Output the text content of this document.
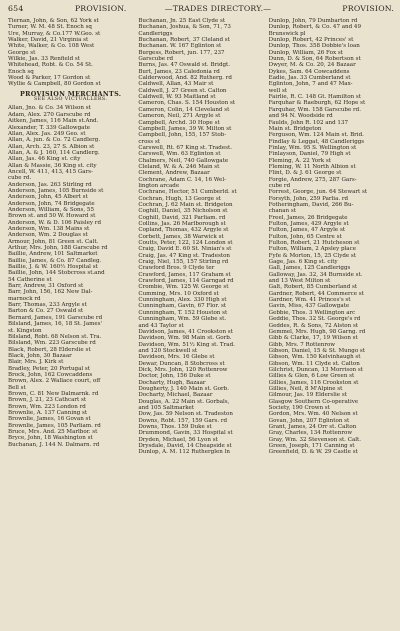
654	PROVISION.	—TRADES DIRECTORY.—	PROVISION.
Tiernan, John, & Son, 62 York st
Turner, W. M. 48 St. Enoch sq
Ure, Murray, & Co.177 W.Geo. st
Walker, David, 21 Virginia st
White, Walker, & Co. 108 West
George st
Wilkie, Jas. 33 Renfield st
Whitehead, Robt. & Co. 54 St.
Enoch sq
Wood & Parker, 17 Gordon st
Wyllie & Campbell, 80 Gordon st
PROVISION MERCHANTS.
SEE ALSO VICTUALLERS.
Allan, Jno. & Co. 34 Wilson st
Adam, Alex. 270 Garscube rd
Aitken, James, 116 Main st.And.
Alexander, T. 339 Gallowgate
Allan, Alex. Jas. 249 Geo. st
Allan, A. jun. & Co. 72 Candlerg.
Allan, Arch. 23, 27 S. Albion st
Allan, A. & J. 160, 114 Candlerg.
Allan, Jas. 46 King st. city
Allan & Massie, 36 King st. city
Ancell, W. 411, 413, 415 Gars-
cube rd.
Anderson, Jas. 263 Stirling rd
Anderson, James, 105 Burnside st
Anderson, John, 45 Albert st
Anderson, John, 74 Bridgegate
Anderson, William, & Sons, 55
Brown st. and 50 W. Howard st
Anderson, W. & D. 106 Paisley rd
Anderson, Wm. 138 Mains st
Anderson, Wm. 2 Douglas st
Armour, John, 81 Green st. Calt.
Arthur, Mrs. John, 188 Garscube rd
Baillie, Andrew, 101 Saltmarket
Baillie, James, & Co. 87 Candleg.
Baillie, J. & W. 160½ Hospital st
Baillie, John, 144 Stobcross st.and
54 Catherine st
Barr, Andrew, 31 Oxford st
Barr, John, 156, 162 New Dal-
marnock rd
Barr, Thomas, 233 Argyle st
Barton & Co. 27 Oswald st
Bernard, James, 191 Garscube rd
Bilsland, James, 16, 18 St. James'
st. Kingston
Bilsland, Robt. 68 Nelson st. Tra.
Bilsland, Wm. 223 Garscube rd
Black, Robert, 28 Elderslie st
Black, John, 30 Bazaar
Blair, Mrs. J. Kirk st
Bradley, Peter, 20 Portugal st
Brock, John, 162 Cowcaddens
Brown, Alex. 2 Wallace court, off
Bell st
Brown, C. 81 New Dalmarnk. rd
Brown, J. 21, 23 Cathcart st
Brown, Wm. 223 London rd
Brownlie, A. 137 Canning st
Brownlie, James, 16 Govan st
Brownlie, James, 105 Parliam. rd
Bruce, Mrs. And. 25 Marlbor. st
Bryce, John, 18 Washington st
Buchanan, J. 144 N. Dalmarn. rd
Buchanan, Jn. 25 East Clyde st
Buchanan, Joshua, & Son, 71, 73
Candleriggs
Buchanan, Robert, 37 Cleland st
Buchanan. W. 167 Eglinton st
Burgess, Robert, jun. 177, 237
Garscube rd
Burns, Jas. 47 Oswald st. Bridgt.
Burt, James, 23 Caledonia rd
Calderwood, And. 82 Rutherg. rd
Caldwell, Allan, 43 Mair st
Caldwell, J. 27 Green st. Calton
Caldwell, W. 93 Maitland st
Cameron, Chas. S. 154 Houston st
Cameron, Colin, 14 Cleveland st
Cameron, Neil, 271 Argyle st
Campbell, Archd. 30 Hope st
Campbell, James, 39 W. Milton st
Campbell, John, 155, 157 Stob-
cross st
Carswell, Rt. 67 King st. Tradest.
Carswell, Wm. 63 Eglinton st
Chalmers, Neil, 740 Gallowgate
Cleland, W. & A. 246 Main st
Clement, Andrew, Bazaar
Cochrane, Adam C. 14, 16 Wel-
lington arcade
Cochrane, Hector, 51 Cumberld. st
Cochran, Hugh, 13 George st
Cochran, J. 62 Main st. Bridgeton
Coghill, Daniel, 35 Nicholson st
Coghill, David, 321 Parliam. rd
Collins, Jas. 26 Marlborough st
Copland, Thomas, 432 Argyle st
Corbett, James, 38 Warwick st
Coutts, Peter, 122, 124 London st
Craig, David E. 60 St. Ninian's st
Craig, Jas. 47 King st. Tradeston
Craig, Niel, 155, 157 Stirling rd
Crawford Bros. 9 Clyde ter
Crawford, James, 117 Graham st
Crawford, James, 114 Garngad rd
Crombie, Wm. 125 W. George st
Cumming, Mrs. 10 Oxford st
Cunningham, Alex. 330 High st
Cunningham, Gavin, 67 Flor. st
Cunningham, T. 152 Houston st
Cunningham, Wm. 59 Glebe st.
and 43 Taylor st
Davidson, James, 41 Crookston st
Davidson, Wm. 98 Main st. Gorb.
Davidson, Wm. 51½ King st. Trad.
and 120 Stockwell st
Davidson, Mrs. 16 Glebe st
Dewar, Duncan, 8 Stobcross st
Dick, Mrs. John, 120 Rottenrow
Doctor, John, 156 Duke st
Docharty, Hugh, Bazaar
Dougherty, J. 140 Main st. Gorb.
Docharty, Michael, Bazaar
Douglas, A. 22 Main st. Gorbals,
and 105 Saltmarket
Dow, Jas. 59 Nelson st. Tradeston
Downs, Robt. 157, 159 Gars. rd
Downs, Thos. 159 Duke st
Drummond, Gavin, 33 Hospital st
Dryden, Michael, 56 Lyon st
Drysdale, David, 14 Cheapside st
Dunlop, A. M. 112 Rutherglen ln
Dunlop, John, 79 Dumbarton rd
Dunlop, Robert, & Co. 47 and 49
Brunswick pl
Dunlop, Robert, 42 Princes' st
Dunlop, Thos. 358 Dobbie's loan
Dunlop, William, 26 Fox st
Dunn, D. & Son, 64 Robertson st
Dwyer, M. & Co. 20, 24 Bazaar
Dykes, Sam. 64 Cowcaddens
Eadie, Jas. 33 Cumberland st
Eglinton, John, 7 and 47 Max-
well st
Fairlie, R. C. 148 Gt. Hamilton st
Farquhar & Raeburgh, 62 Hope st
Farquhar, Wm. 158 Garscube rd.
and 94 N. Woodside rd
Faulds, John R. 102 and 137
Main st. Bridgeton
Ferguson, Wm. 124 Main st. Brid.
Findlay & Leggat, 48 Candleriggs
Finlay, Wm. 95 S. Wellington st
Finlayson, Daniel, 79 High st
Fleming, A. 22 York st
Fleming, W. 11 North Albion st
Flint, D. & J. 61 George st
Forgie, Andrew, 275, 287 Gars-
cube rd
Forrest, George, jun. 64 Stewart st
Forsyth, John, 259 Parliа. rd
Fotheringham, David, 266 Bu-
chanan st
Freel, James, 26 Bridgegate
Fulton, James, 429 Argyle st
Fulton, James, 47 Argyle st
Fulton, John, 65 Centre st
Fulton, Robert, 21 Hutcheson st
Fulton, William, 2 Apsley place
Fyfe & Morton, 15, 25 Clyde st
Gage, Jas. 6 King st. city
Gall, James, 125 Candleriggs
Galloway, Jas. 32, 34 Burnside st.
and 13 West Milton st
Galt, Robert, 85 Cumberland st
Gardner, Robert, 44 Commerce st
Gardner, Wm. 41 Princes's st
Gavin, Miss, 437 Gallowgate
Gebbie, Thos. 3 Wellington arc
Geddie, Thos. 32 St. George's rd
Geddes, R. & Sons, 72 Alston st
Gemmel, Mrs. Hugh, 98 Garng. rd
Gibb & Clarke, 17, 19 Wilson st
Gibb, Mrs. 7 Rottenrow
Gibson, Daniel, 15 & St. Mungo st
Gibson, Wm. 150 Kelvinhaugh st
Gibson, Wm. 11 Clyde st. Calton
Gilchrist, Duncan, 13 Morrison st
Gillies & Glen, 6 Low Green st
Gillies, James, 116 Crookston st
Gillies, Neil, 8 M'Alpine st
Gilmour, Jas. 19 Elderslie st
Glasgow Southern Co-operative
Society, 190 Crown st
Gordon, Mrs. Wm. 40 Nelson st
Govan, John, 207 Eglinton st
Grant, James, 24 Orr st. Calton
Gray, Charles, 134 Rottenrow
Gray, Wm. 32 Stevenson st. Calt.
Green, Joseph, 171 Canning st
Greenfield, D. & W. 29 Castle st
